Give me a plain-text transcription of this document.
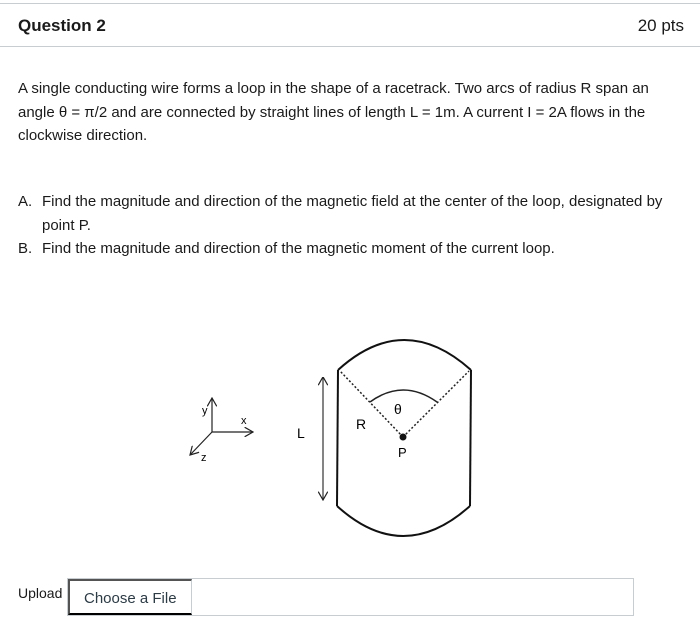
Question 2	20 pts
A single conducting wire forms a loop in the shape of a racetrack. Two arcs of radius R span an angle θ = π/2 and are connected by straight lines of length L = 1m. A current I = 2A flows in the clockwise direction.
A. Find the magnitude and direction of the magnetic field at the center of the loop, designated by point P.
B. Find the magnitude and direction of the magnetic moment of the current loop.
y
x
z
L
R
θ
P
Upload	Choose a File
